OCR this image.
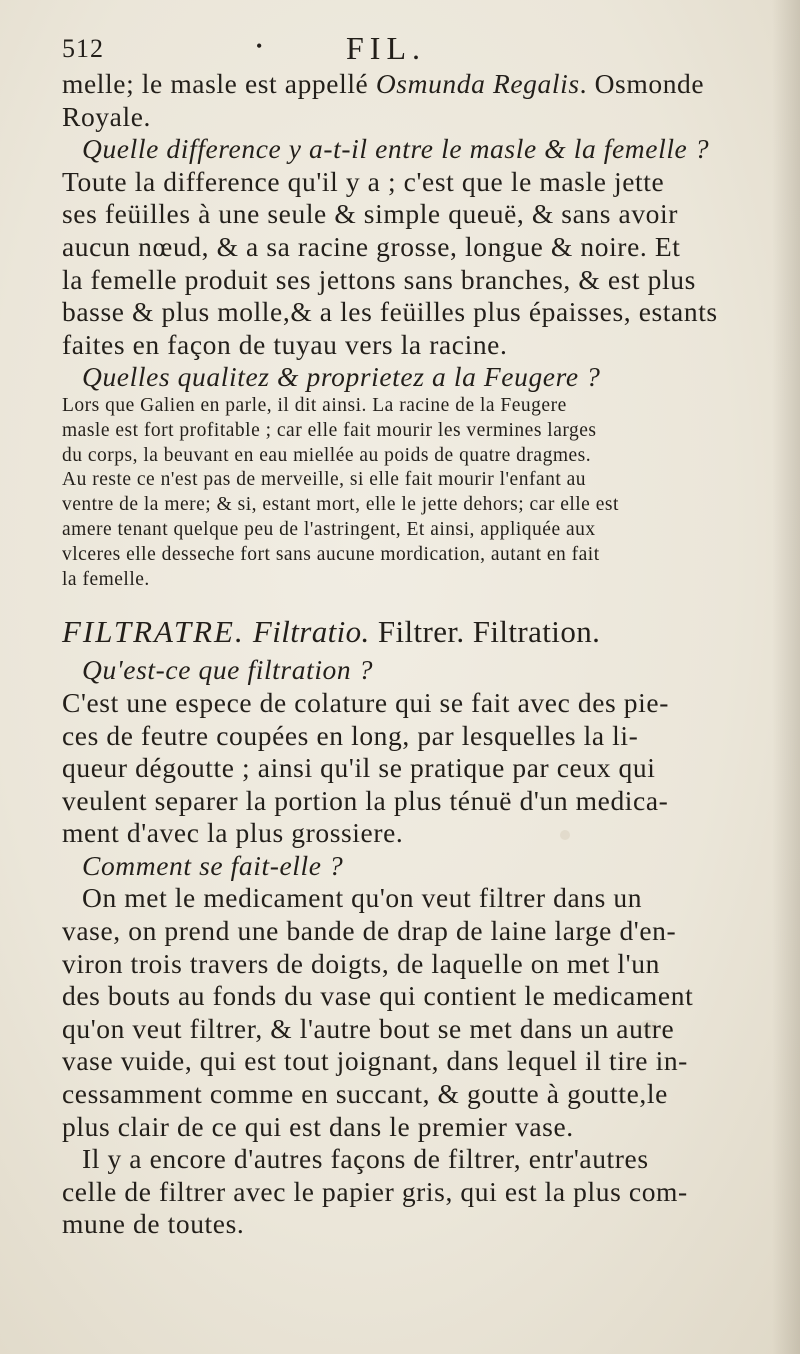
512	•	FIL.
melle; le masle est appellé Osmunda Regalis. Osmonde
Royale.
Quelle difference y a-t-il entre le masle & la femelle ?
Toute la difference qu'il y a ; c'est que le masle jette
ses feüilles à une seule & simple queuë, & sans avoir
aucun nœud, & a sa racine grosse, longue & noire. Et
la femelle produit ses jettons sans branches, & est plus
basse & plus molle,& a les feüilles plus épaisses, estants
faites en façon de tuyau vers la racine.
Quelles qualitez & proprietez a la Feugere ?
Lors que Galien en parle, il dit ainsi. La racine de la Feugere
masle est fort profitable ; car elle fait mourir les vermines larges
du corps, la beuvant en eau miellée au poids de quatre dragmes.
Au reste ce n'est pas de merveille, si elle fait mourir l'enfant au
ventre de la mere; & si, estant mort, elle le jette dehors; car elle est
amere tenant quelque peu de l'astringent, Et ainsi, appliquée aux
vlceres elle desseche fort sans aucune mordication, autant en fait
la femelle.
FILTRATRE. Filtratio. Filtrer. Filtration.
Qu'est-ce que filtration ?
C'est une espece de colature qui se fait avec des pie-
ces de feutre coupées en long, par lesquelles la li-
queur dégoutte ; ainsi qu'il se pratique par ceux qui
veulent separer la portion la plus ténuë d'un medica-
ment d'avec la plus grossiere.
Comment se fait-elle ?
On met le medicament qu'on veut filtrer dans un
vase, on prend une bande de drap de laine large d'en-
viron trois travers de doigts, de laquelle on met l'un
des bouts au fonds du vase qui contient le medicament
qu'on veut filtrer, & l'autre bout se met dans un autre
vase vuide, qui est tout joignant, dans lequel il tire in-
cessamment comme en succant, & goutte à goutte,le
plus clair de ce qui est dans le premier vase.
Il y a encore d'autres façons de filtrer, entr'autres
celle de filtrer avec le papier gris, qui est la plus com-
mune de toutes.
